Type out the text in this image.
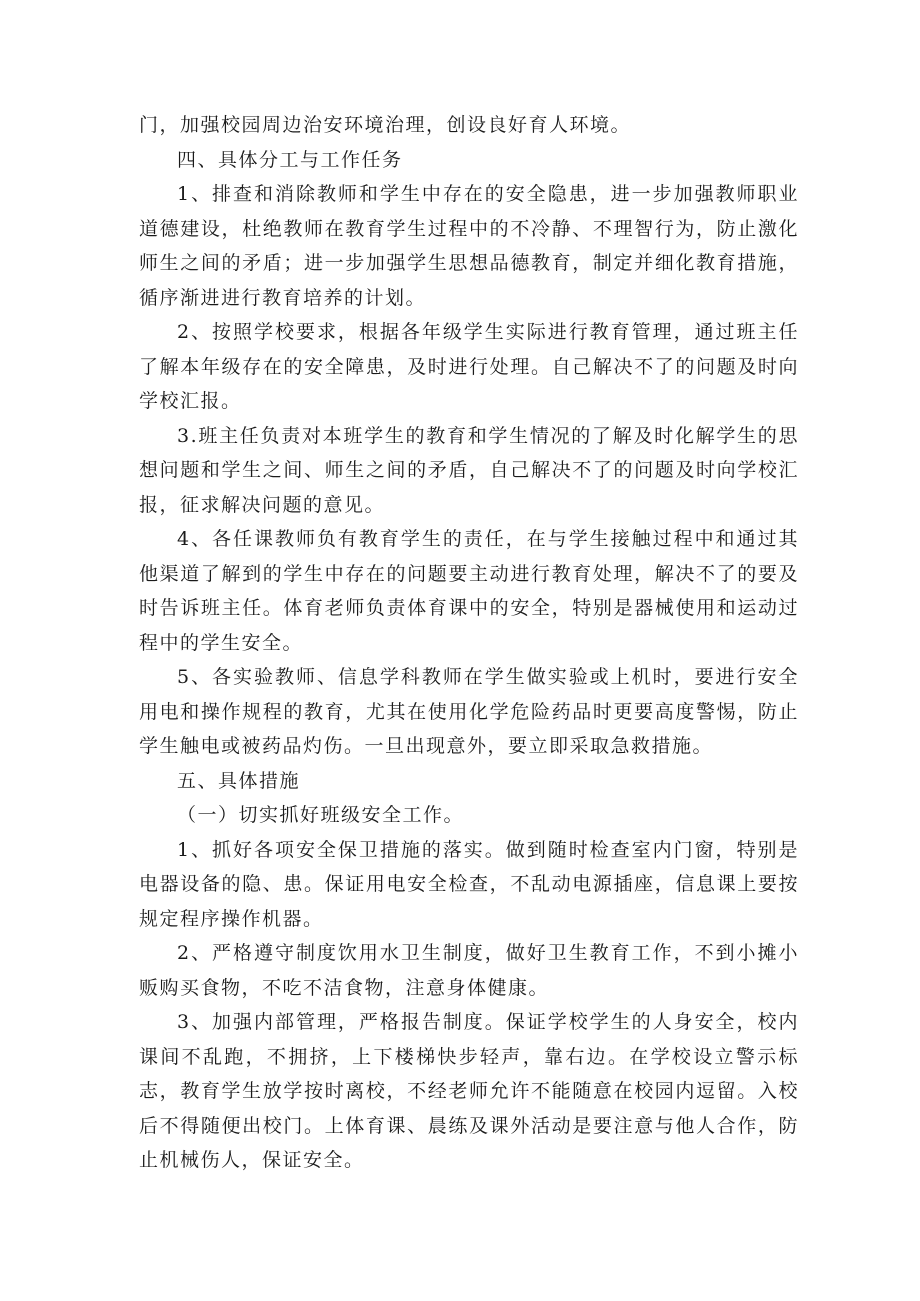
门，加强校园周边治安环境治理，创设良好育人环境。

四、具体分工与工作任务

1、排查和消除教师和学生中存在的安全隐患，进一步加强教师职业道德建设，杜绝教师在教育学生过程中的不冷静、不理智行为，防止激化师生之间的矛盾；进一步加强学生思想品德教育，制定并细化教育措施，循序渐进进行教育培养的计划。

2、按照学校要求，根据各年级学生实际进行教育管理，通过班主任了解本年级存在的安全障患，及时进行处理。自己解决不了的问题及时向学校汇报。

3.班主任负责对本班学生的教育和学生情况的了解及时化解学生的思想问题和学生之间、师生之间的矛盾，自己解决不了的问题及时向学校汇报，征求解决问题的意见。

4、各任课教师负有教育学生的责任，在与学生接触过程中和通过其他渠道了解到的学生中存在的问题要主动进行教育处理，解决不了的要及时告诉班主任。体育老师负责体育课中的安全，特别是器械使用和运动过程中的学生安全。

5、各实验教师、信息学科教师在学生做实验或上机时，要进行安全用电和操作规程的教育，尤其在使用化学危险药品时更要高度警惕，防止学生触电或被药品灼伤。一旦出现意外，要立即采取急救措施。

五、具体措施

（一）切实抓好班级安全工作。

1、抓好各项安全保卫措施的落实。做到随时检查室内门窗，特别是电器设备的隐、患。保证用电安全检查，不乱动电源插座，信息课上要按规定程序操作机器。

2、严格遵守制度饮用水卫生制度，做好卫生教育工作，不到小摊小贩购买食物，不吃不洁食物，注意身体健康。

3、加强内部管理，严格报告制度。保证学校学生的人身安全，校内课间不乱跑，不拥挤，上下楼梯快步轻声，靠右边。在学校设立警示标志，教育学生放学按时离校，不经老师允许不能随意在校园内逗留。入校后不得随便出校门。上体育课、晨练及课外活动是要注意与他人合作，防止机械伤人，保证安全。
